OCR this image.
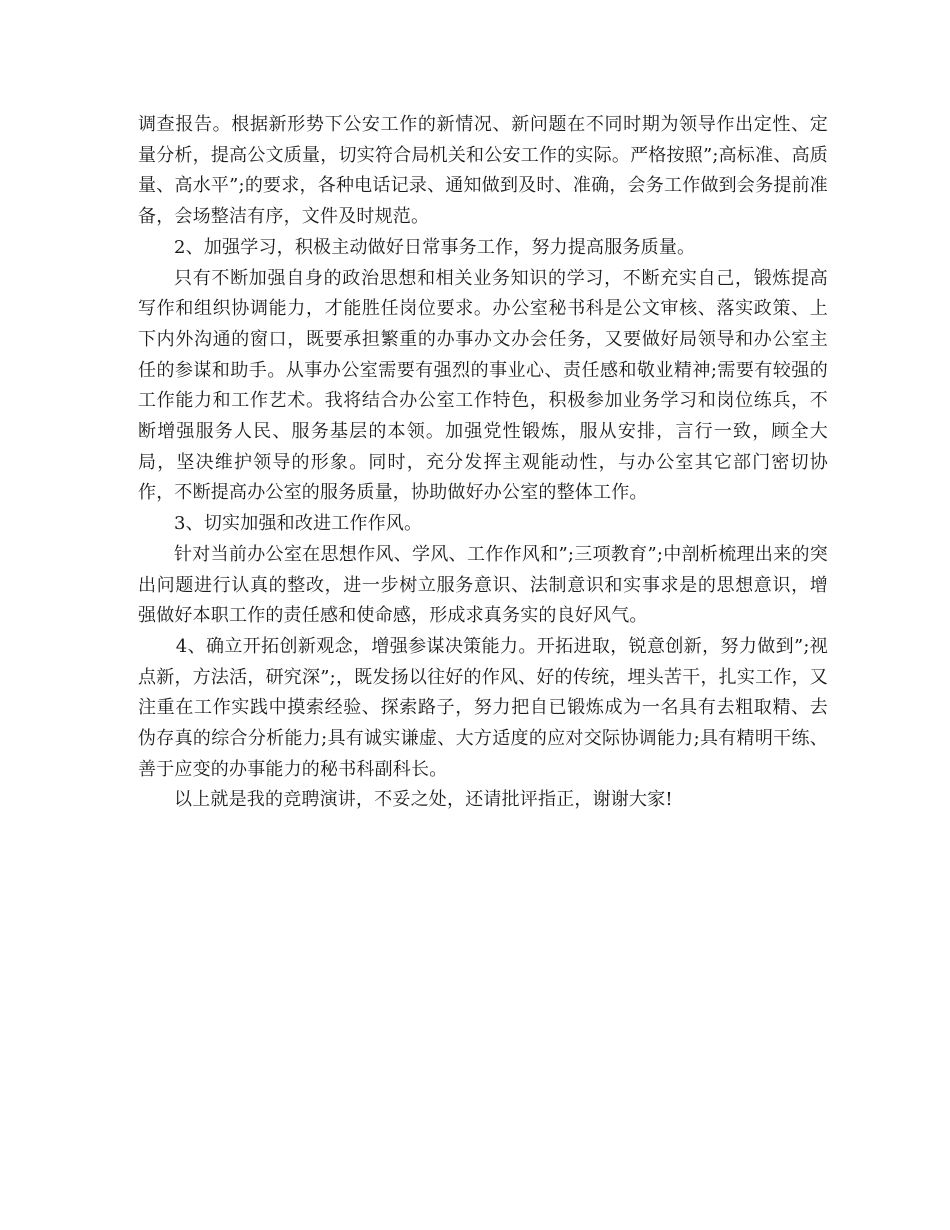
调查报告。根据新形势下公安工作的新情况、新问题在不同时期为领导作出定性、定量分析，提高公文质量，切实符合局机关和公安工作的实际。严格按照”;高标准、高质量、高水平”;的要求，各种电话记录、通知做到及时、准确，会务工作做到会务提前准备，会场整洁有序，文件及时规范。

2、加强学习，积极主动做好日常事务工作，努力提高服务质量。

只有不断加强自身的政治思想和相关业务知识的学习，不断充实自己，锻炼提高写作和组织协调能力，才能胜任岗位要求。办公室秘书科是公文审核、落实政策、上下内外沟通的窗口，既要承担繁重的办事办文办会任务，又要做好局领导和办公室主任的参谋和助手。从事办公室需要有强烈的事业心、责任感和敬业精神;需要有较强的工作能力和工作艺术。我将结合办公室工作特色，积极参加业务学习和岗位练兵，不断增强服务人民、服务基层的本领。加强党性锻炼，服从安排，言行一致，顾全大局，坚决维护领导的形象。同时，充分发挥主观能动性，与办公室其它部门密切协作，不断提高办公室的服务质量，协助做好办公室的整体工作。

3、切实加强和改进工作作风。

针对当前办公室在思想作风、学风、工作作风和”;三项教育”;中剖析梳理出来的突出问题进行认真的整改，进一步树立服务意识、法制意识和实事求是的思想意识，增强做好本职工作的责任感和使命感，形成求真务实的良好风气。

4、确立开拓创新观念，增强参谋决策能力。开拓进取，锐意创新，努力做到”;视点新，方法活，研究深”;，既发扬以往好的作风、好的传统，埋头苦干，扎实工作，又注重在工作实践中摸索经验、探索路子，努力把自已锻炼成为一名具有去粗取精、去伪存真的综合分析能力;具有诚实谦虚、大方适度的应对交际协调能力;具有精明干练、善于应变的办事能力的秘书科副科长。

以上就是我的竞聘演讲，不妥之处，还请批评指正，谢谢大家!
